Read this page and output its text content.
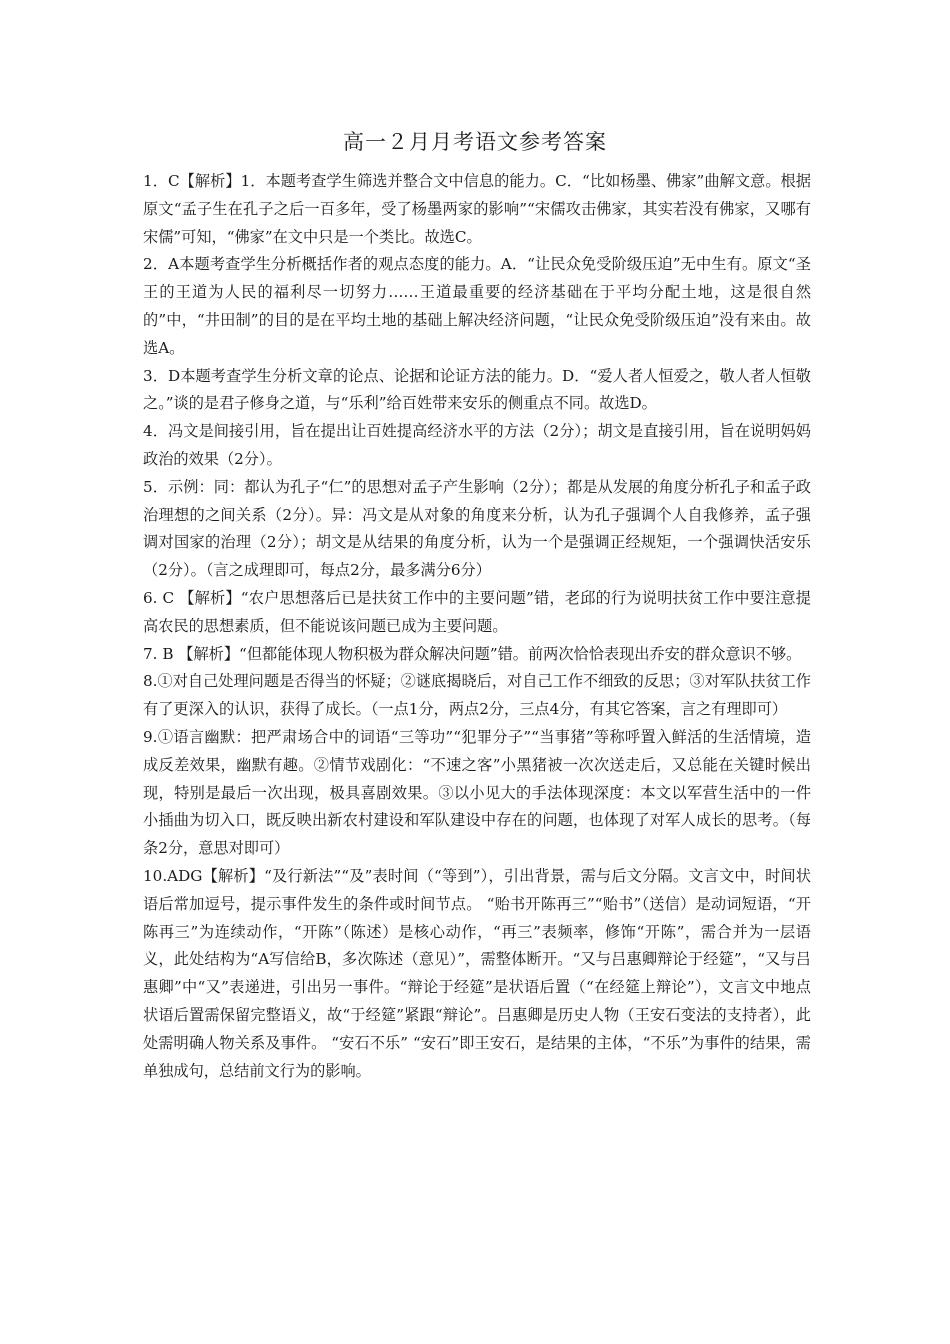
高一２月月考语文参考答案

1．C【解析】1．本题考查学生筛选并整合文中信息的能力。C．“比如杨墨、佛家”曲解文意。根据原文“孟子生在孔子之后一百多年，受了杨墨两家的影响”“宋儒攻击佛家，其实若没有佛家，又哪有宋儒”可知，“佛家”在文中只是一个类比。故选C。

2．A本题考查学生分析概括作者的观点态度的能力。A．“让民众免受阶级压迫”无中生有。原文“圣王的王道为人民的福利尽一切努力……王道最重要的经济基础在于平均分配土地，这是很自然的”中，“井田制”的目的是在平均土地的基础上解决经济问题，“让民众免受阶级压迫”没有来由。故选A。

3．D本题考查学生分析文章的论点、论据和论证方法的能力。D．“爱人者人恒爱之，敬人者人恒敬之。”谈的是君子修身之道，与“乐利”给百姓带来安乐的侧重点不同。故选D。

4．冯文是间接引用，旨在提出让百姓提高经济水平的方法（2分）；胡文是直接引用，旨在说明妈妈政治的效果（2分）。

5．示例：同：都认为孔子“仁”的思想对孟子产生影响（2分）；都是从发展的角度分析孔子和孟子政治理想的之间关系（2分）。异：冯文是从对象的角度来分析，认为孔子强调个人自我修养，孟子强调对国家的治理（2分）；胡文是从结果的角度分析，认为一个是强调正经规矩，一个强调快活安乐（2分）。（言之成理即可，每点2分，最多满分6分）

6. C 【解析】“农户思想落后已是扶贫工作中的主要问题”错，老邱的行为说明扶贫工作中要注意提高农民的思想素质，但不能说该问题已成为主要问题。

7. B 【解析】“但都能体现人物积极为群众解决问题”错。前两次恰恰表现出乔安的群众意识不够。

8.①对自己处理问题是否得当的怀疑；②谜底揭晓后，对自己工作不细致的反思；③对军队扶贫工作有了更深入的认识，获得了成长。（一点1分，两点2分，三点4分，有其它答案，言之有理即可）

9.①语言幽默：把严肃场合中的词语“三等功”“犯罪分子”“当事猪”等称呼置入鲜活的生活情境，造成反差效果，幽默有趣。②情节戏剧化：“不速之客”小黑猪被一次次送走后，又总能在关键时候出现，特别是最后一次出现，极具喜剧效果。③以小见大的手法体现深度：本文以军营生活中的一件小插曲为切入口，既反映出新农村建设和军队建设中存在的问题，也体现了对军人成长的思考。（每条2分，意思对即可）

10.ADG【解析】“及行新法”“及”表时间（“等到”），引出背景，需与后文分隔。文言文中，时间状语后常加逗号，提示事件发生的条件或时间节点。 “贻书开陈再三”“贻书”（送信）是动词短语，“开陈再三”为连续动作，“开陈”（陈述）是核心动作，“再三”表频率，修饰“开陈”，需合并为一层语义，此处结构为“A写信给B，多次陈述（意见）”，需整体断开。“又与吕惠卿辩论于经筵”，“又与吕惠卿”中“又”表递进，引出另一事件。“辩论于经筵”是状语后置（“在经筵上辩论”），文言文中地点状语后置需保留完整语义，故“于经筵”紧跟“辩论”。吕惠卿是历史人物（王安石变法的支持者），此处需明确人物关系及事件。 “安石不乐” “安石”即王安石，是结果的主体，“不乐”为事件的结果，需单独成句，总结前文行为的影响。
